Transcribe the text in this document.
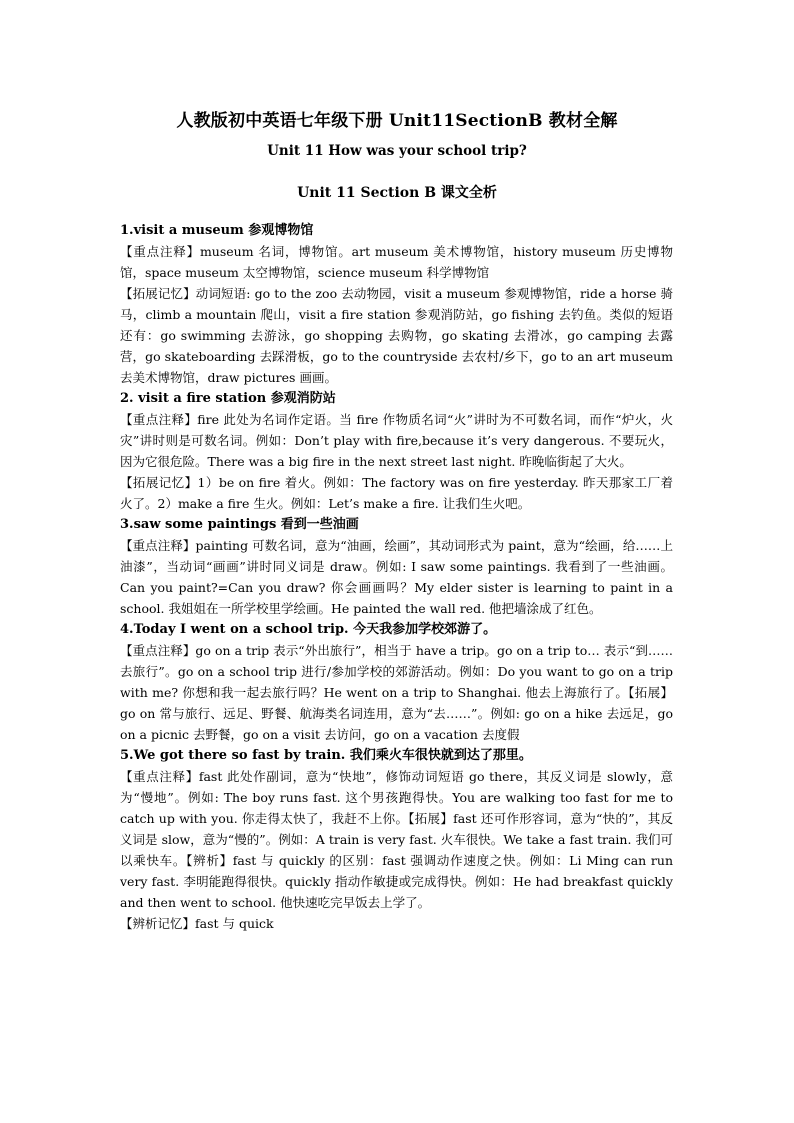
人教版初中英语七年级下册 Unit11SectionB 教材全解
Unit 11 How was your school trip?
Unit 11 Section B 课文全析

1.visit a museum 参观博物馆

【重点注释】museum 名词，博物馆。art museum 美术博物馆，history museum 历史博物馆，space museum 太空博物馆，science museum 科学博物馆

【拓展记忆】动词短语: go to the zoo 去动物园，visit a museum 参观博物馆，ride a horse 骑马，climb a mountain 爬山，visit a fire station 参观消防站，go fishing 去钓鱼。类似的短语还有：go swimming 去游泳，go shopping 去购物，go skating 去滑冰，go camping 去露营，go skateboarding 去踩滑板，go to the countryside 去农村/乡下，go to an art museum 去美术博物馆，draw pictures 画画。

2. visit a fire station 参观消防站

【重点注释】fire 此处为名词作定语。当 fire 作物质名词“火”讲时为不可数名词，而作“炉火，火灾”讲时则是可数名词。例如：Don’t play with fire,because it’s very dangerous. 不要玩火，因为它很危险。There was a big fire in the next street last night. 昨晚临街起了大火。

【拓展记忆】1）be on fire 着火。例如：The factory was on fire yesterday. 昨天那家工厂着火了。2）make a fire 生火。例如：Let’s make a fire. 让我们生火吧。

3.saw some paintings 看到一些油画

【重点注释】painting 可数名词，意为“油画，绘画”，其动词形式为 paint，意为“绘画，给……上油漆”，当动词“画画”讲时同义词是 draw。例如: I saw some paintings. 我看到了一些油画。Can you paint?=Can you draw? 你会画画吗？My elder sister is learning to paint in a school. 我姐姐在一所学校里学绘画。He painted the wall red. 他把墙涂成了红色。

4.Today I went on a school trip. 今天我参加学校郊游了。

【重点注释】go on a trip 表示“外出旅行”，相当于 have a trip。go on a trip to… 表示“到……去旅行”。go on a school trip 进行/参加学校的郊游活动。例如：Do you want to go on a trip with me? 你想和我一起去旅行吗？He went on a trip to Shanghai. 他去上海旅行了。【拓展】go on 常与旅行、远足、野餐、航海类名词连用，意为“去……”。例如: go on a hike 去远足，go on a picnic 去野餐，go on a visit 去访问，go on a vacation 去度假

5.We got there so fast by train. 我们乘火车很快就到达了那里。

【重点注释】fast 此处作副词，意为“快地”，修饰动词短语 go there，其反义词是 slowly，意为“慢地”。例如: The boy runs fast. 这个男孩跑得快。You are walking too fast for me to catch up with you. 你走得太快了，我赶不上你。【拓展】fast 还可作形容词，意为“快的”，其反义词是 slow，意为“慢的”。例如：A train is very fast. 火车很快。We take a fast train. 我们可以乘快车。【辨析】fast 与 quickly 的区别：fast 强调动作速度之快。例如：Li Ming can run very fast. 李明能跑得很快。quickly 指动作敏捷或完成得快。例如：He had breakfast quickly and then went to school. 他快速吃完早饭去上学了。

【辨析记忆】fast 与 quick
